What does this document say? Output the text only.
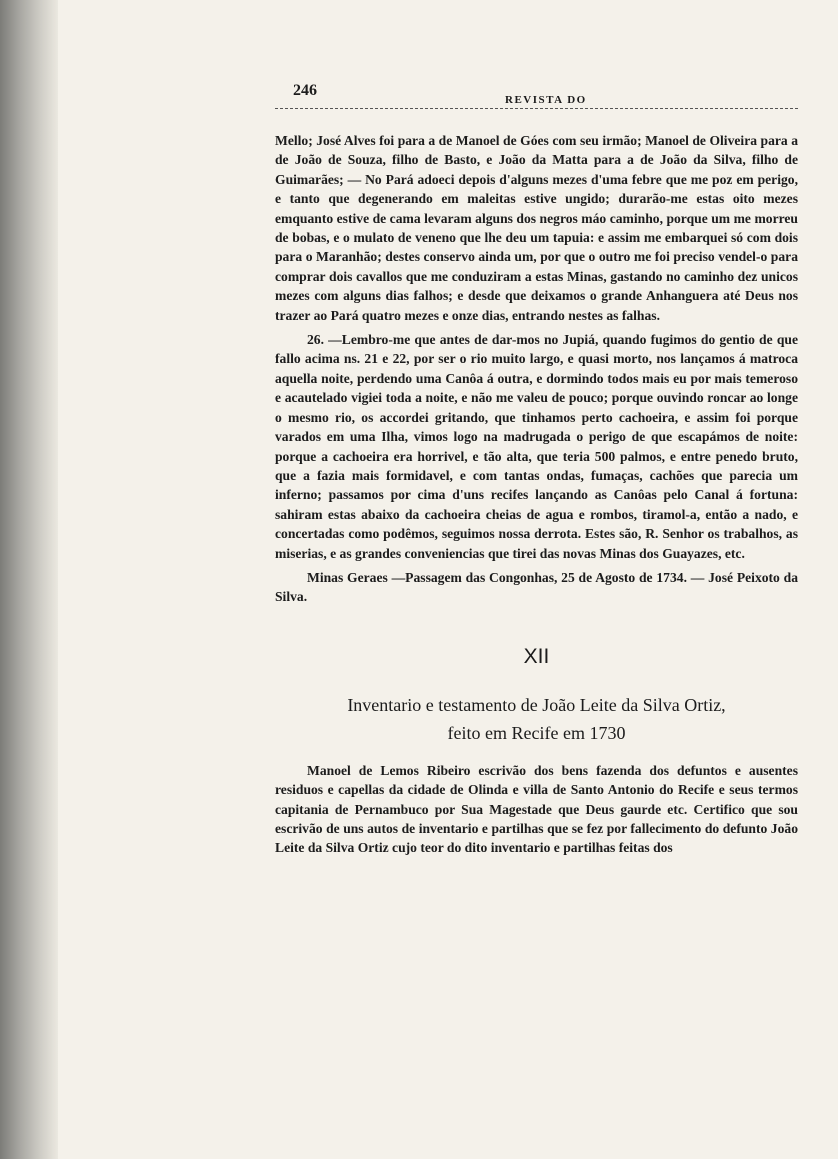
246
REVISTA DO

Mello; José Alves foi para a de Manoel de Góes com seu irmão; Manoel de Oliveira para a de João de Souza, filho de Basto, e João da Matta para a de João da Silva, filho de Guimarães; — No Pará adoeci depois d'alguns mezes d'uma febre que me poz em perigo, e tanto que degenerando em maleitas estive ungido; durarão-me estas oito mezes emquanto estive de cama levaram alguns dos negros máo caminho, porque um me morreu de bobas, e o mulato de veneno que lhe deu um tapuia: e assim me embarquei só com dois para o Maranhão; destes conservo ainda um, por que o outro me foi preciso vendel-o para comprar dois cavallos que me conduziram a estas Minas, gastando no caminho dez unicos mezes com alguns dias falhos; e desde que deixamos o grande Anhanguera até Deus nos trazer ao Pará quatro mezes e onze dias, entrando nestes as falhas.

26. —Lembro-me que antes de dar-mos no Jupiá, quando fugimos do gentio de que fallo acima ns. 21 e 22, por ser o rio muito largo, e quasi morto, nos lançamos á matroca aquella noite, perdendo uma Canôa á outra, e dormindo todos mais eu por mais temeroso e acautelado vigiei toda a noite, e não me valeu de pouco; porque ouvindo roncar ao longe o mesmo rio, os accordei gritando, que tinhamos perto cachoeira, e assim foi porque varados em uma Ilha, vimos logo na madrugada o perigo de que escapámos de noite: porque a cachoeira era horrivel, e tão alta, que teria 500 palmos, e entre penedo bruto, que a fazia mais formidavel, e com tantas ondas, fumaças, cachões que parecia um inferno; passamos por cima d'uns recifes lançando as Canôas pelo Canal á fortuna: sahiram estas abaixo da cachoeira cheias de agua e rombos, tiramol-a, então a nado, e concertadas como podêmos, seguimos nossa derrota. Estes são, R. Senhor os trabalhos, as miserias, e as grandes conveniencias que tirei das novas Minas dos Guayazes, etc.

Minas Geraes —Passagem das Congonhas, 25 de Agosto de 1734. — José Peixoto da Silva.

XII
Inventario e testamento de João Leite da Silva Ortiz,
feito em Recife em 1730

Manoel de Lemos Ribeiro escrivão dos bens fazenda dos defuntos e ausentes residuos e capellas da cidade de Olinda e villa de Santo Antonio do Recife e seus termos capitania de Pernambuco por Sua Magestade que Deus gaurde etc. Certifico que sou escrivão de uns autos de inventario e partilhas que se fez por fallecimento do defunto João Leite da Silva Ortiz cujo teor do dito inventario e partilhas feitas dos
